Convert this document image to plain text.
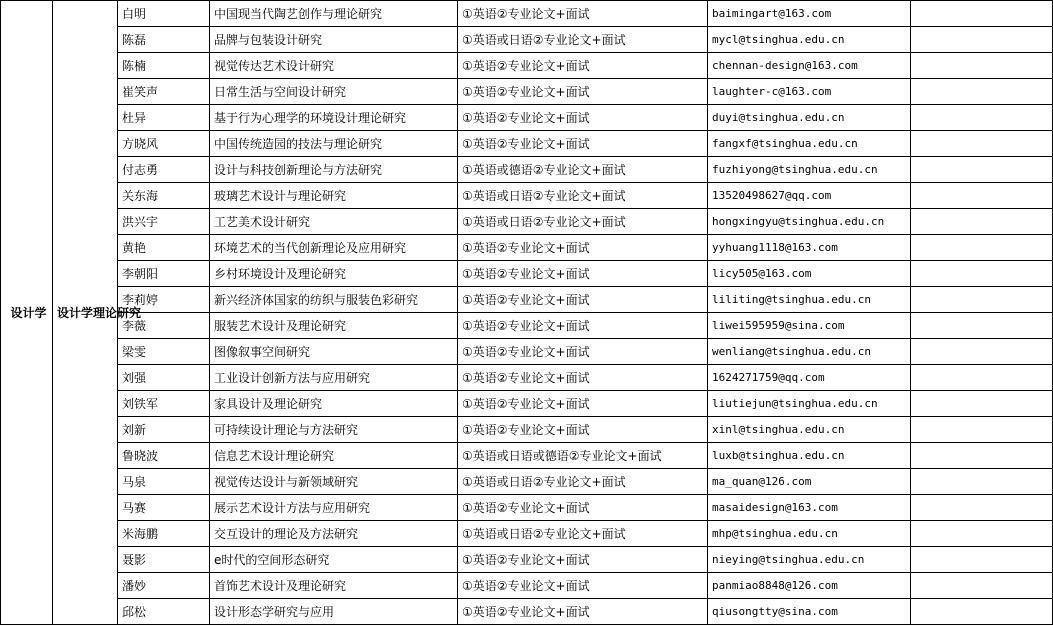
设计学	设计学理论研究	白明	中国现当代陶艺创作与理论研究	①英语②专业论文+面试	baimingart@163.com	
		陈磊	品牌与包装设计研究	①英语或日语②专业论文+面试	mycl@tsinghua.edu.cn	
		陈楠	视觉传达艺术设计研究	①英语②专业论文+面试	chennan-design@163.com	
		崔笑声	日常生活与空间设计研究	①英语②专业论文+面试	laughter-c@163.com	
		杜异	基于行为心理学的环境设计理论研究	①英语②专业论文+面试	duyi@tsinghua.edu.cn	
		方晓风	中国传统造园的技法与理论研究	①英语②专业论文+面试	fangxf@tsinghua.edu.cn	
		付志勇	设计与科技创新理论与方法研究	①英语或德语②专业论文+面试	fuzhiyong@tsinghua.edu.cn	
		关东海	玻璃艺术设计与理论研究	①英语或日语②专业论文+面试	13520498627@qq.com	
		洪兴宇	工艺美术设计研究	①英语或日语②专业论文+面试	hongxingyu@tsinghua.edu.cn	
		黄艳	环境艺术的当代创新理论及应用研究	①英语②专业论文+面试	yyhuang1118@163.com	
		李朝阳	乡村环境设计及理论研究	①英语②专业论文+面试	licy505@163.com	
		李莉婷	新兴经济体国家的纺织与服装色彩研究	①英语②专业论文+面试	liliting@tsinghua.edu.cn	
		李薇	服装艺术设计及理论研究	①英语②专业论文+面试	liwei595959@sina.com	
		梁雯	图像叙事空间研究	①英语②专业论文+面试	wenliang@tsinghua.edu.cn	
		刘强	工业设计创新方法与应用研究	①英语②专业论文+面试	1624271759@qq.com	
		刘铁军	家具设计及理论研究	①英语②专业论文+面试	liutiejun@tsinghua.edu.cn	
		刘新	可持续设计理论与方法研究	①英语②专业论文+面试	xinl@tsinghua.edu.cn	
		鲁晓波	信息艺术设计理论研究	①英语或日语或德语②专业论文+面试	luxb@tsinghua.edu.cn	
		马泉	视觉传达设计与新领域研究	①英语或日语②专业论文+面试	ma_quan@126.com	
		马赛	展示艺术设计方法与应用研究	①英语②专业论文+面试	masaidesign@163.com	
		米海鹏	交互设计的理论及方法研究	①英语或日语②专业论文+面试	mhp@tsinghua.edu.cn	
		聂影	e时代的空间形态研究	①英语②专业论文+面试	nieying@tsinghua.edu.cn	
		潘妙	首饰艺术设计及理论研究	①英语②专业论文+面试	panmiao8848@126.com	
		邱松	设计形态学研究与应用	①英语②专业论文+面试	qiusongtty@sina.com	
